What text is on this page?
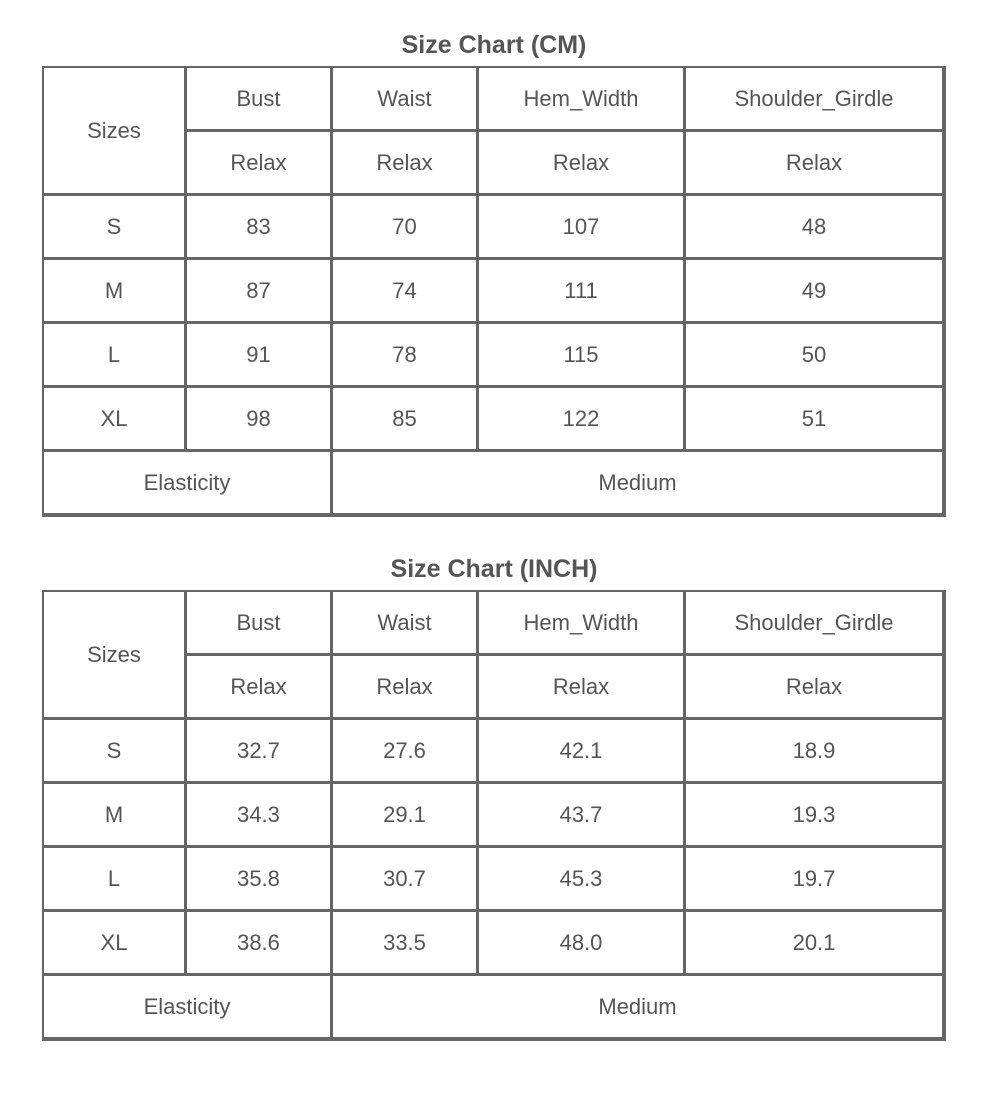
Size Chart (CM)
Sizes	Bust	Waist	Hem_Width	Shoulder_Girdle
	Relax	Relax	Relax	Relax
S	83	70	107	48
M	87	74	111	49
L	91	78	115	50
XL	98	85	122	51
Elasticity		Medium		
Size Chart (INCH)
Sizes	Bust	Waist	Hem_Width	Shoulder_Girdle
	Relax	Relax	Relax	Relax
S	32.7	27.6	42.1	18.9
M	34.3	29.1	43.7	19.3
L	35.8	30.7	45.3	19.7
XL	38.6	33.5	48.0	20.1
Elasticity		Medium		
